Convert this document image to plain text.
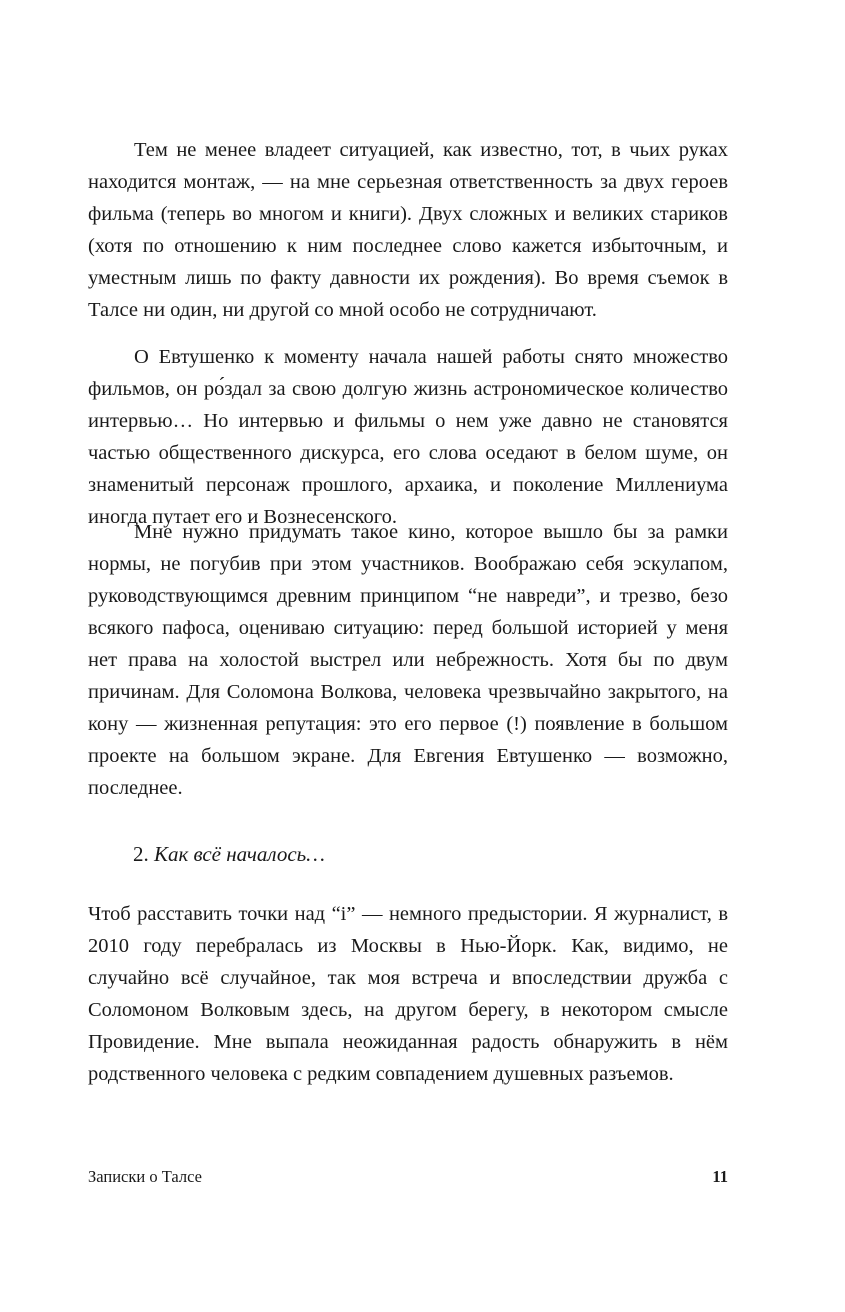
Тем не менее владеет ситуацией, как известно, тот, в чьих руках находится монтаж, — на мне серьезная ответственность за двух героев фильма (теперь во многом и книги). Двух сложных и великих стариков (хотя по отношению к ним последнее слово кажется избыточным, и уместным лишь по факту давности их рождения). Во время съемок в Талсе ни один, ни другой со мной особо не сотрудничают.

О Евтушенко к моменту начала нашей работы снято множество фильмов, он ро́здал за свою долгую жизнь астрономическое количество интервью… Но интервью и фильмы о нем уже давно не становятся частью общественного дискурса, его слова оседают в белом шуме, он знаменитый персонаж прошлого, архаика, и поколение Миллениума иногда путает его и Вознесенского.

Мне нужно придумать такое кино, которое вышло бы за рамки нормы, не погубив при этом участников. Воображаю себя эскулапом, руководствующимся древним принципом “не навреди”, и трезво, безо всякого пафоса, оцениваю ситуацию: перед большой историей у меня нет права на холостой выстрел или небрежность. Хотя бы по двум причинам. Для Соломона Волкова, человека чрезвычайно закрытого, на кону — жизненная репутация: это его первое (!) появление в большом проекте на большом экране. Для Евгения Евтушенко — возможно, последнее.

2. Как всё началось…

Чтоб расставить точки над “i” — немного предыстории. Я журналист, в 2010 году перебралась из Москвы в Нью-Йорк. Как, видимо, не случайно всё случайное, так моя встреча и впоследствии дружба с Соломоном Волковым здесь, на другом берегу, в некотором смысле Провидение. Мне выпала неожиданная радость обнаружить в нём родственного человека с редким совпадением душевных разъемов.

Записки о Талсе	11
